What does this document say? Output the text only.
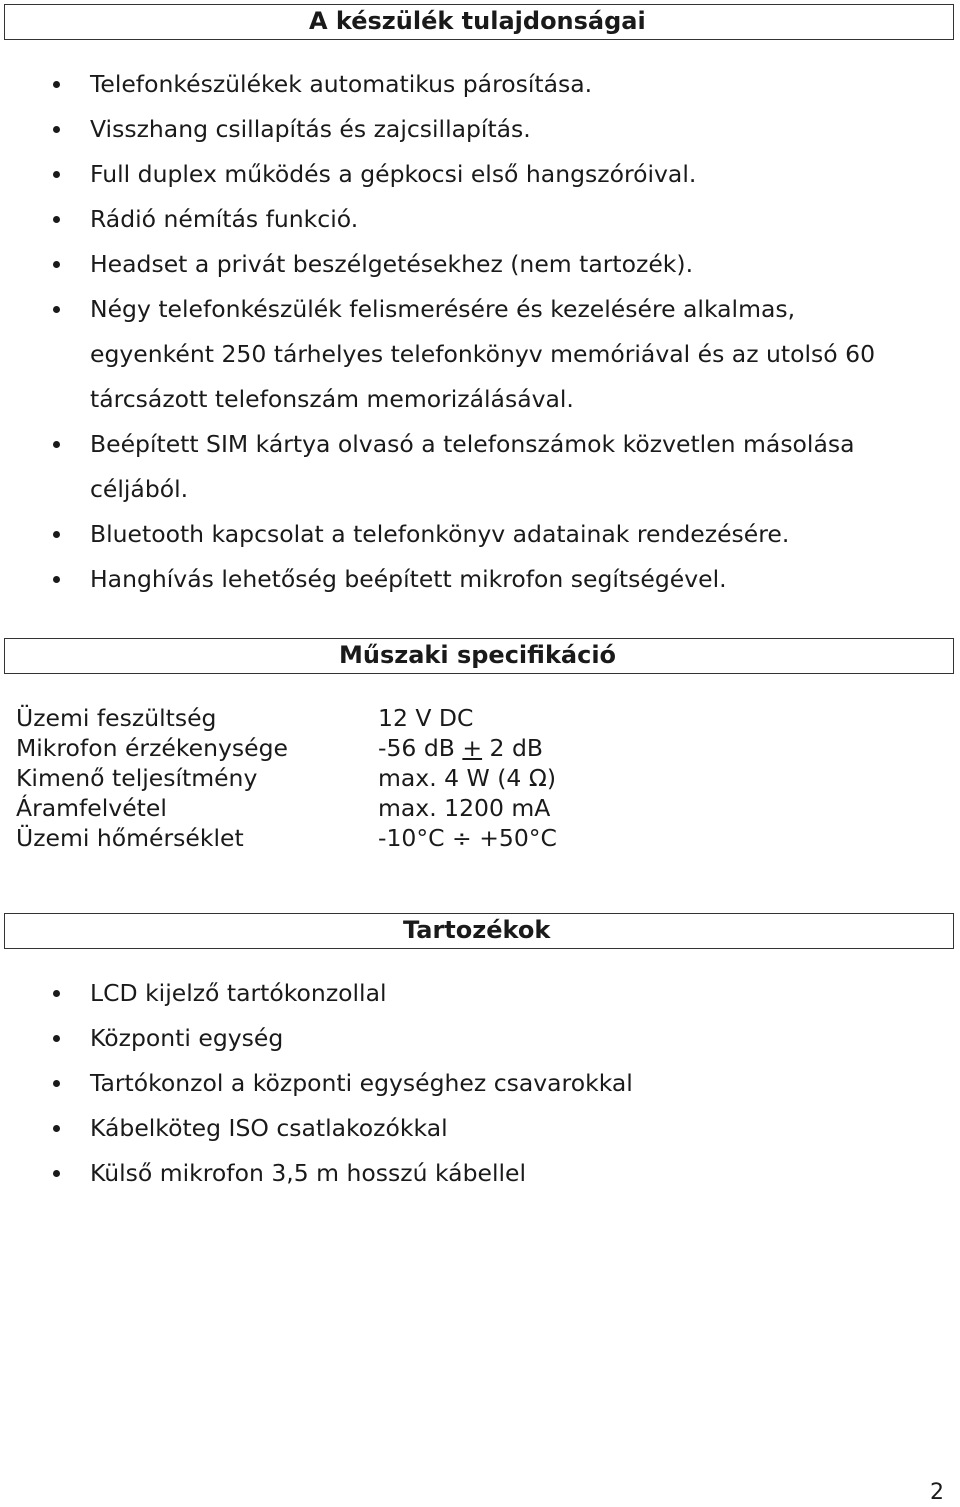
A készülék tulajdonságai
Telefonkészülékek automatikus párosítása.
Visszhang csillapítás és zajcsillapítás.
Full duplex működés a gépkocsi első hangszóróival.
Rádió némítás funkció.
Headset a privát beszélgetésekhez (nem tartozék).
Négy telefonkészülék felismerésére és kezelésére alkalmas,
egyenként 250 tárhelyes telefonkönyv memóriával és az utolsó 60
tárcsázott telefonszám memorizálásával.
Beépített SIM kártya olvasó a telefonszámok közvetlen másolása
céljából.
Bluetooth kapcsolat a telefonkönyv adatainak rendezésére.
Hanghívás lehetőség beépített mikrofon segítségével.
Műszaki specifikáció
Üzemi feszültség	12 V DC
Mikrofon érzékenysége	-56 dB + 2 dB
Kimenő teljesítmény	max. 4 W (4 Ω)
Áramfelvétel	max. 1200 mA
Üzemi hőmérséklet	-10°C ÷ +50°C
Tartozékok
LCD kijelző tartókonzollal
Központi egység
Tartókonzol a központi egységhez csavarokkal
Kábelköteg ISO csatlakozókkal
Külső mikrofon 3,5 m hosszú kábellel
2
